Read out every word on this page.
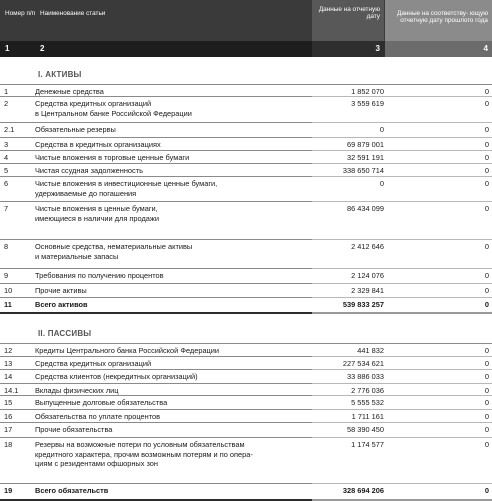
Номер п/п Наименование статьи
Данные на отчетную дату	Данные на соответству- ющую отчетную дату прошлого года
1	2	3	4
I. АКТИВЫ
1	Денежные средства	1 852 070	0
2	Средства кредитных организаций
в Центральном банке Российской Федерации
3 559 619	0
2.1	Обязательные резервы	0	0
3	Средства в кредитных организациях	69 879 001	0
4	Чистые вложения в торговые ценные бумаги	32 591 191	0
5	Чистая ссудная задолженность	338 650 714	0
6	Чистые вложения в инвестиционные ценные бумаги,
удерживаемые до погашения
0	0
7	Чистые вложения в ценные бумаги,
имеющиеся в наличии для продажи
86 434 099	0
8	Основные средства, нематериальные активы
и материальные запасы
2 412 646	0
9	Требования по получению процентов	2 124 076	0
10	Прочие активы	2 329 841	0
11	Всего активов	539 833 257	0
II. ПАССИВЫ
12	Кредиты Центрального банка Российской Федерации	441 832	0
13	Средства кредитных организаций	227 534 621	0
14	Средства клиентов (некредитных организаций)	33 886 033	0
14.1 Вклады физических лиц	2 776 036	0
15	Выпущенные долговые обязательства	5 555 532	0
16	Обязательства по уплате процентов	1 711 161	0
17	Прочие обязательства	58 390 450	0
18	Резервы на возможные потери по условным обязательствам
кредитного характера, прочим возможным потерям и по опера-
циям с резидентами офшорных зон
1 174 577	0
19	Всего обязательств	328 694 206	0
